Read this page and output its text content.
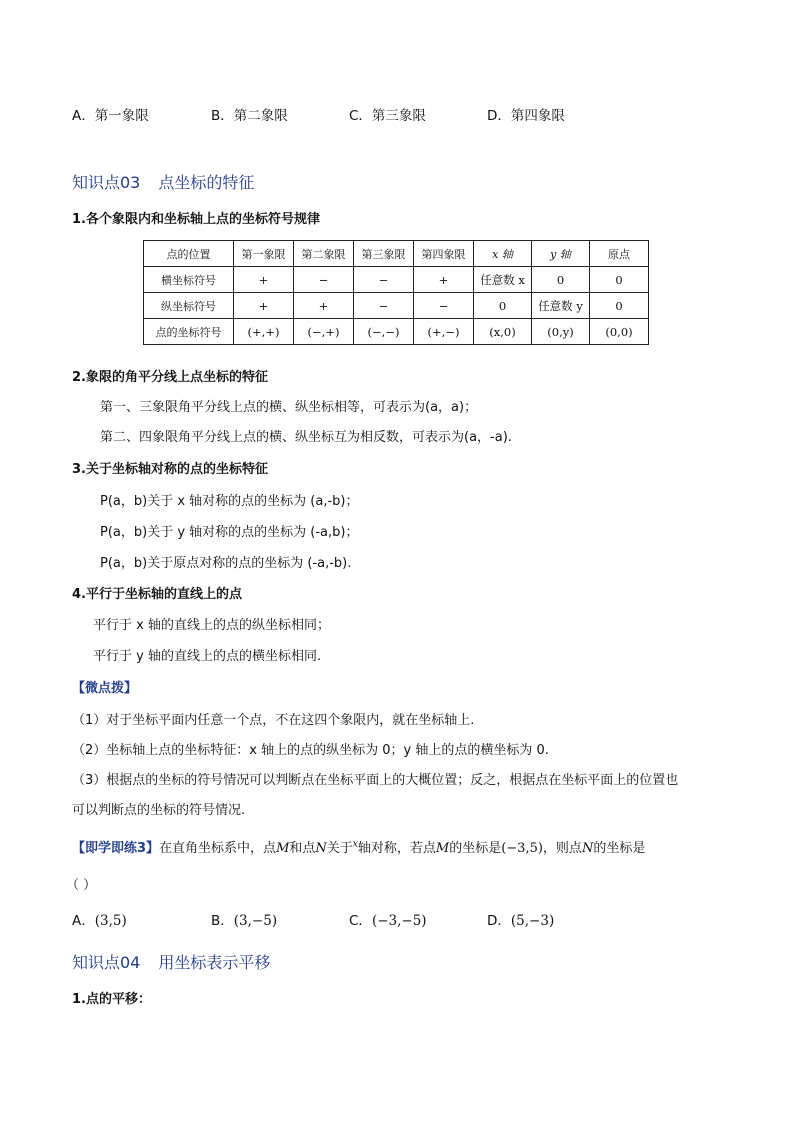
A．第一象限	B．第二象限	C．第三象限	D．第四象限
知识点03 点坐标的特征
1.各个象限内和坐标轴上点的坐标符号规律
点的位置	第一象限	第二象限	第三象限	第四象限	x 轴	y 轴	原点
横坐标符号	+	−	−	+	任意数 x	0	0
纵坐标符号	+	+	−	−	0	任意数 y	0
点的坐标符号	(+,+)	(−,+)	(−,−)	(+,−)	(x,0)	(0,y)	(0,0)
2.象限的角平分线上点坐标的特征
第一、三象限角平分线上点的横、纵坐标相等，可表示为(a，a)；
第二、四象限角平分线上点的横、纵坐标互为相反数，可表示为(a，-a).
3.关于坐标轴对称的点的坐标特征
P(a，b)关于 x 轴对称的点的坐标为 (a,-b)；
P(a，b)关于 y 轴对称的点的坐标为 (-a,b)；
P(a，b)关于原点对称的点的坐标为 (-a,-b).
4.平行于坐标轴的直线上的点
平行于 x 轴的直线上的点的纵坐标相同；
平行于 y 轴的直线上的点的横坐标相同.
【微点拨】
（1）对于坐标平面内任意一个点，不在这四个象限内，就在坐标轴上.
（2）坐标轴上点的坐标特征：x 轴上的点的纵坐标为 0；y 轴上的点的横坐标为 0.
（3）根据点的坐标的符号情况可以判断点在坐标平面上的大概位置；反之，根据点在坐标平面上的位置也
可以判断点的坐标的符号情况.
【即学即练3】在直角坐标系中，点M和点N关于$^x$轴对称，若点M的坐标是(−3,5)，则点N的坐标是
（ ）
A．(3,5)	B．(3,−5)	C．(−3,−5)	D．(5,−3)
知识点04 用坐标表示平移
1.点的平移：
